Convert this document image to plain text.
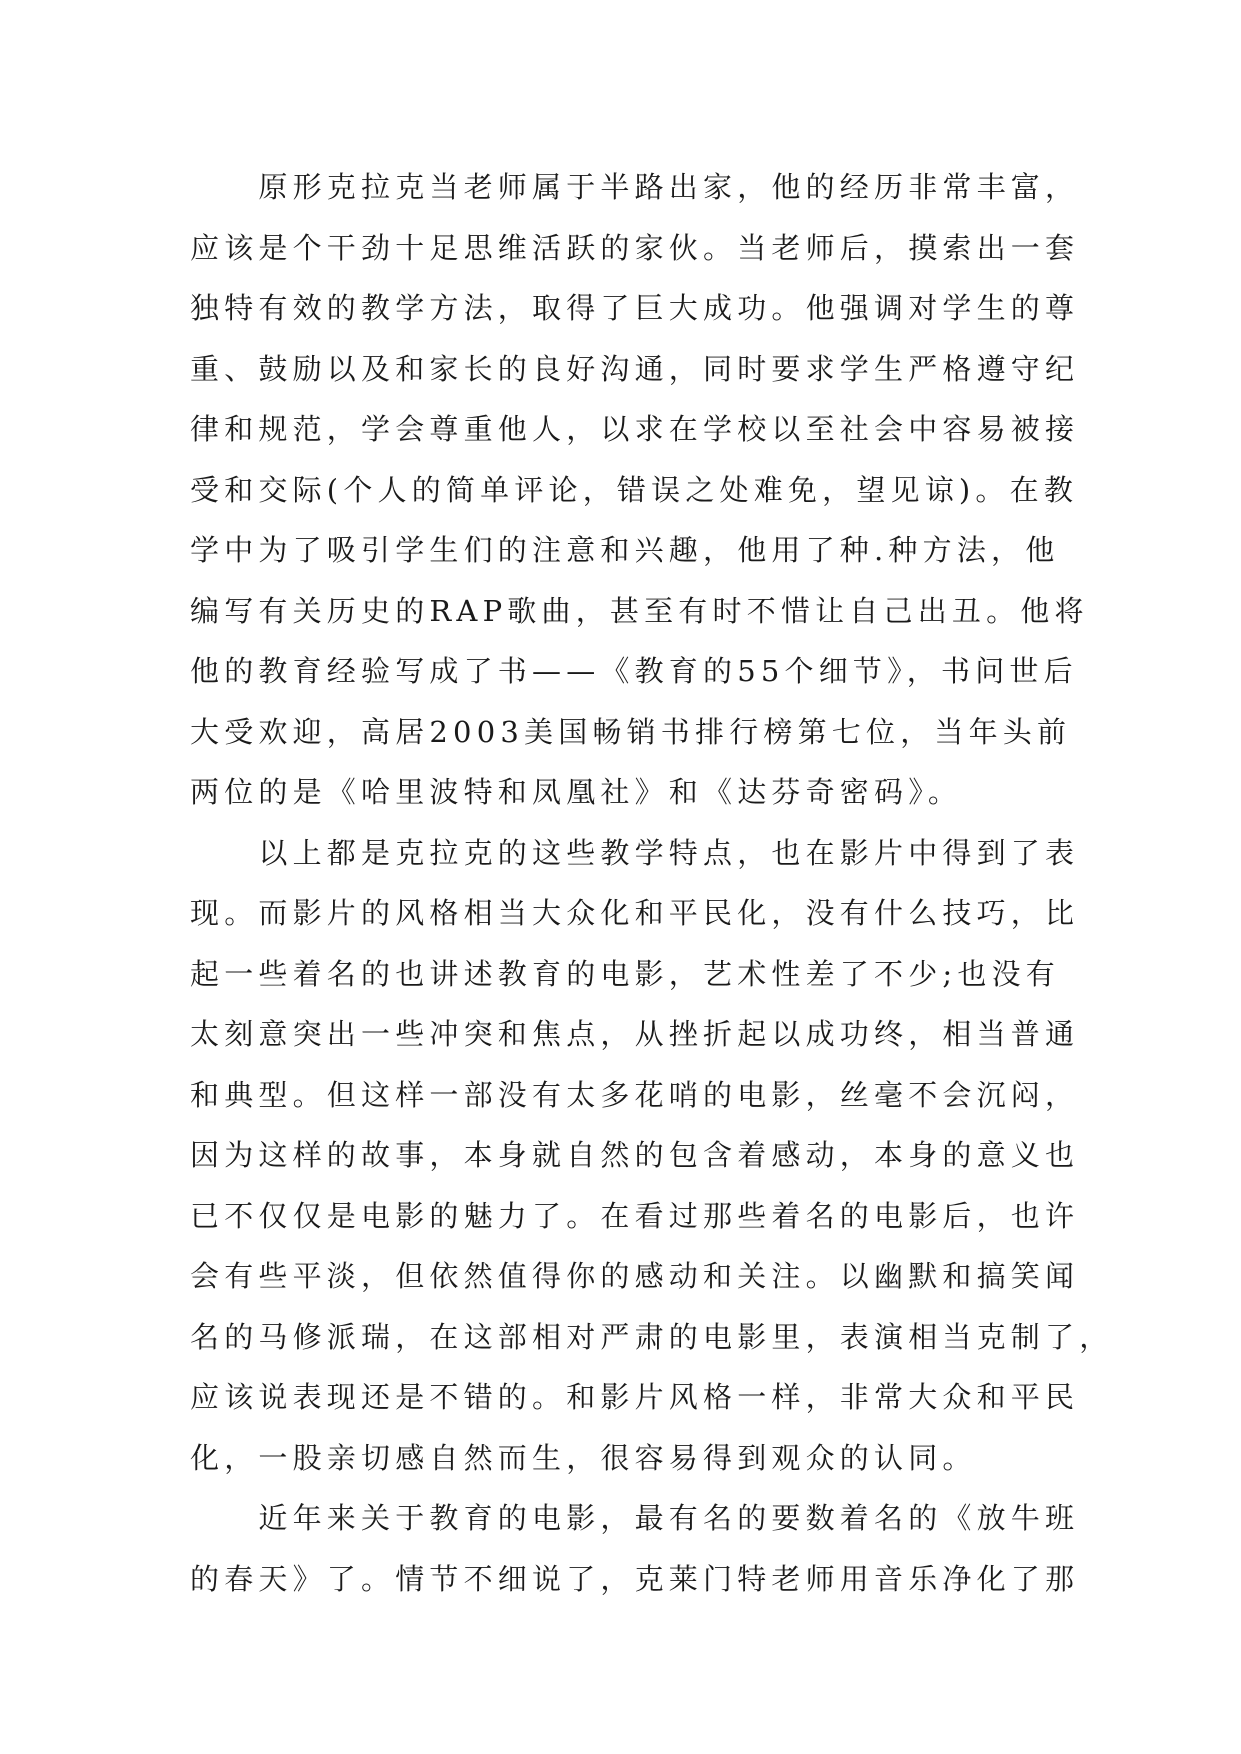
　　原形克拉克当老师属于半路出家，他的经历非常丰富，
应该是个干劲十足思维活跃的家伙。当老师后，摸索出一套
独特有效的教学方法，取得了巨大成功。他强调对学生的尊
重、鼓励以及和家长的良好沟通，同时要求学生严格遵守纪
律和规范，学会尊重他人，以求在学校以至社会中容易被接
受和交际(个人的简单评论，错误之处难免，望见谅)。在教
学中为了吸引学生们的注意和兴趣，他用了种.种方法，他
编写有关历史的RAP歌曲，甚至有时不惜让自己出丑。他将
他的教育经验写成了书——《教育的55个细节》，书问世后
大受欢迎，高居2003美国畅销书排行榜第七位，当年头前
两位的是《哈里波特和凤凰社》和《达芬奇密码》。
　　以上都是克拉克的这些教学特点，也在影片中得到了表
现。而影片的风格相当大众化和平民化，没有什么技巧，比
起一些着名的也讲述教育的电影，艺术性差了不少;也没有
太刻意突出一些冲突和焦点，从挫折起以成功终，相当普通
和典型。但这样一部没有太多花哨的电影，丝毫不会沉闷，
因为这样的故事，本身就自然的包含着感动，本身的意义也
已不仅仅是电影的魅力了。在看过那些着名的电影后，也许
会有些平淡，但依然值得你的感动和关注。以幽默和搞笑闻
名的马修派瑞，在这部相对严肃的电影里，表演相当克制了，
应该说表现还是不错的。和影片风格一样，非常大众和平民
化，一股亲切感自然而生，很容易得到观众的认同。
　　近年来关于教育的电影，最有名的要数着名的《放牛班
的春天》了。情节不细说了，克莱门特老师用音乐净化了那
